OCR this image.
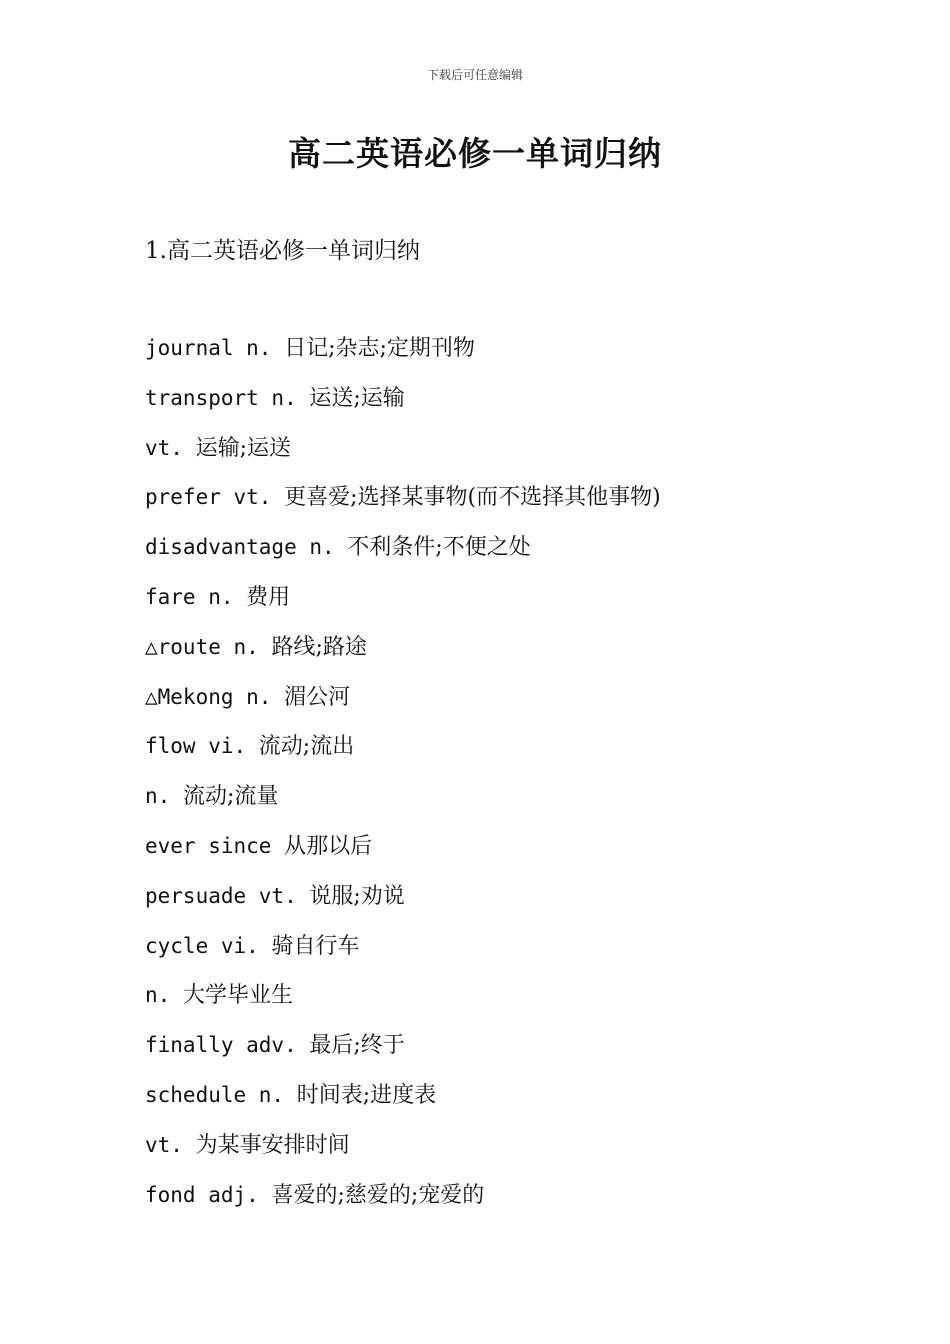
下载后可任意编辑
高二英语必修一单词归纳
1.高二英语必修一单词归纳
journal n. 日记;杂志;定期刊物
transport n. 运送;运输
vt. 运输;运送
prefer vt. 更喜爱;选择某事物(而不选择其他事物)
disadvantage n. 不利条件;不便之处
fare n. 费用
△route n. 路线;路途
△Mekong n. 湄公河
flow vi. 流动;流出
n. 流动;流量
ever since 从那以后
persuade vt. 说服;劝说
cycle vi. 骑自行车
n. 大学毕业生
finally adv. 最后;终于
schedule n. 时间表;进度表
vt. 为某事安排时间
fond adj. 喜爱的;慈爱的;宠爱的
